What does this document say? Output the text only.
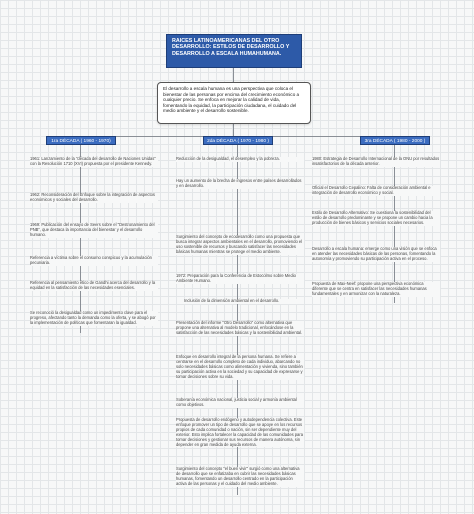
RAICES LATINOAMERICANAS DEL OTRO DESARROLLO: ESTILOS DE DESARROLLO Y DESARROLLO A ESCALA HUMAHUMANA.
El desarrollo a escala humana es una perspectiva que coloca el bienestar de las personas por encima del crecimiento económico a cualquier precio. Se enfoca en mejorar la calidad de vida, fomentando la equidad, la participación ciudadana, el cuidado del medio ambiente y el desarrollo sostenible.
1ra DÉCADA ( 1960 - 1970)	2da DÉCADA ( 1970 - 1980 )	3ra DÉCADA ( 1980 - 2000 )
1961: Lanzamiento de la "década del desarrollo de Naciones Unidas" con la Resolución 1710 (XVI) propuesta por el presidente Kennedy.
1962: Reconsideración del Enfoque sobre la integración de aspectos económicos y sociales del desarrollo.
1969: Publicación del ensayo de Seers sobre el "Destronamiento del PNB", que destaca la importancia del bienestar y el desarrollo humano.
Referencia a víctima sobre el consumo conspicuo y la acumulación pecuniaria.
Referencia al pensamiento ético de Gandhi acerca del desarrollo y la equidad en la satisfacción de las necesidades esenciales.
Se reconoció la desigualdad como un impedimento clave para el progreso, afectando tanto la demanda como la oferta, y se abogó por la implementación de políticas que fomentaran la igualdad.
Reducción de la desigualdad, el desempleo y la pobreza.
Hay un aumento de la brecha de ingresos entre países desarrollados y en desarrollo.
Surgimiento del concepto de ecodesarrollo como una propuesta que busca integrar aspectos ambientales en el desarrollo, promoviendo el uso sostenible de recursos y buscando satisfacer las necesidades básicas humanas mientras se protege el medio ambiente.
1972: Preparación para la Conferencia de Estocolmo sobre Medio Ambiente Humano.
Inclusión de la dimensión ambiental en el desarrollo.
Presentación del informe "Otro Desarrollo" como alternativa que propone una alternativa al modelo tradicional, enfocándose en la satisfacción de las necesidades básicas y la sostenibilidad ambiental.
Enfoque en desarrollo integral de la persona humana. Se refiere a centrarse en el desarrollo completo de cada individuo, abarcando no solo necesidades básicas como alimentación y vivienda, sino también su participación activa en la sociedad y su capacidad de expresarse y tomar decisiones sobre su vida.
Soberanía económica nacional, justicia social y armonía ambiental como objetivos.
Propuesta de desarrollo endógeno y autodependencia colectiva. Este enfoque promover un tipo de desarrollo que se apoye en los recursos propios de cada comunidad o nación, sin ser dependiente muy del exterior. Esto implica fortalecer la capacidad de las comunidades para tomar decisiones y gestionar sus recursos de manera autónoma, sin depender en gran medida de ayuda externa.
Surgimiento del concepto "el buen vivir" surgió como una alternativa de desarrollo que se enfatizaba en cubrir las necesidades básicas humanas, fomentando un desarrollo centrado en la participación activa de las personas y el cuidado del medio ambiente.
1980: Estrategia de Desarrollo Internacional de la ONU por resultados insatisfactorios de la década anterior.
Oficial el Desarrollo Cepalino: Falta de consideración ambiental e integración de desarrollo económico y social.
Estilo de Desarrollo Alternativo: Se cuestiona la sostenibilidad del estilo de desarrollo predominante y se propone un cambio hacia la producción de bienes básicos y servicios sociales necesarios.
Desarrollo a escala humana: emerge como una visión que se enfoca en atender las necesidades básicas de las personas, fomentando la autonomía y promoviendo su participación activa en el proceso.
Propuesta de Max-Neef: propone una perspectiva económica diferente que se centra en satisfacer las necesidades humanas fundamentales y en armonizar con la naturaleza.
